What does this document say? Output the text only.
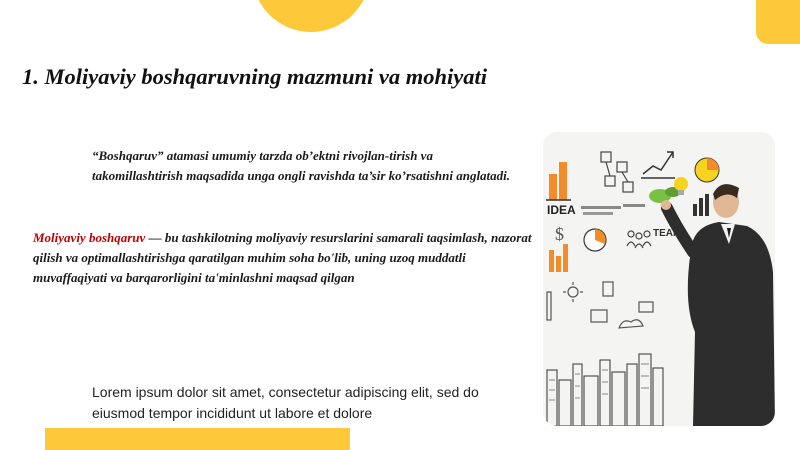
1. Moliyaviy boshqaruvning mazmuni va mohiyati

“Boshqaruv” atamasi umumiy tarzda ob’ektni rivojlan-tirish va takomillashtirish maqsadida unga ongli ravishda ta’sir ko’rsatishni anglatadi.

Moliyaviy boshqaruv — bu tashkilotning moliyaviy resurslarini samarali taqsimlash, nazorat qilish va optimallashtirishga qaratilgan muhim soha bo'lib, uning uzoq muddatli muvaffaqiyati va barqarorligini ta'minlashni maqsad qilgan

Lorem ipsum dolor sit amet, consectetur adipiscing elit, sed do eiusmod tempor incididunt ut labore et dolore

IDEA
$	TEAM
